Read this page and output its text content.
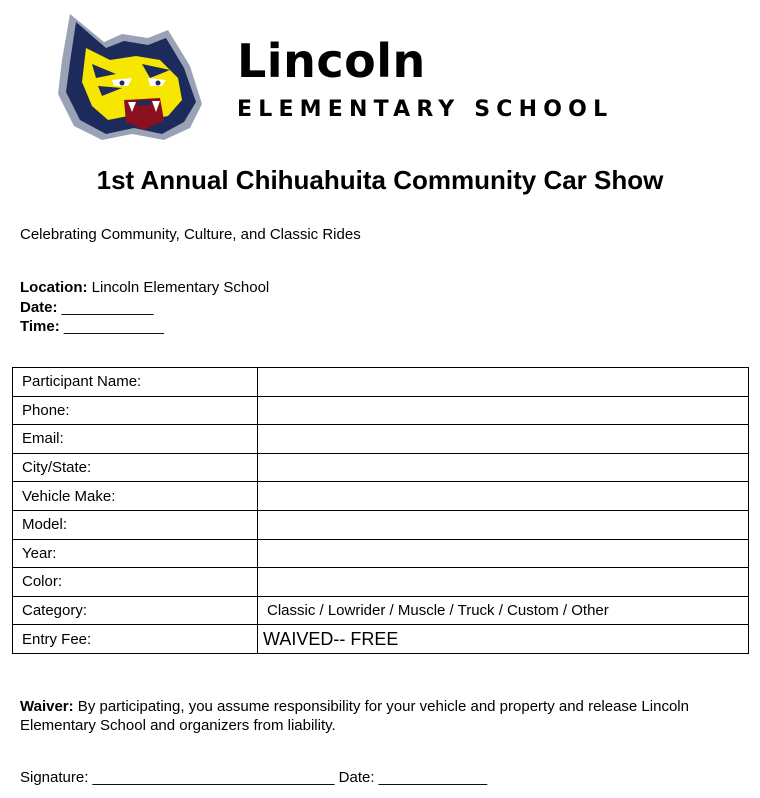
Lincoln
ELEMENTARY SCHOOL
1st Annual Chihuahuita Community Car Show
Celebrating Community, Culture, and Classic Rides
Location: Lincoln Elementary School
Date: ___________
Time: ____________
Participant Name:	
Phone:	
Email:	
City/State:	
Vehicle Make:	
Model:	
Year:	
Color:	
Category:	Classic / Lowrider / Muscle / Truck / Custom / Other
Entry Fee:	WAIVED-- FREE
Waiver: By participating, you assume responsibility for your vehicle and property and release Lincoln Elementary School and organizers from liability.
Signature: _____________________________ Date: _____________
